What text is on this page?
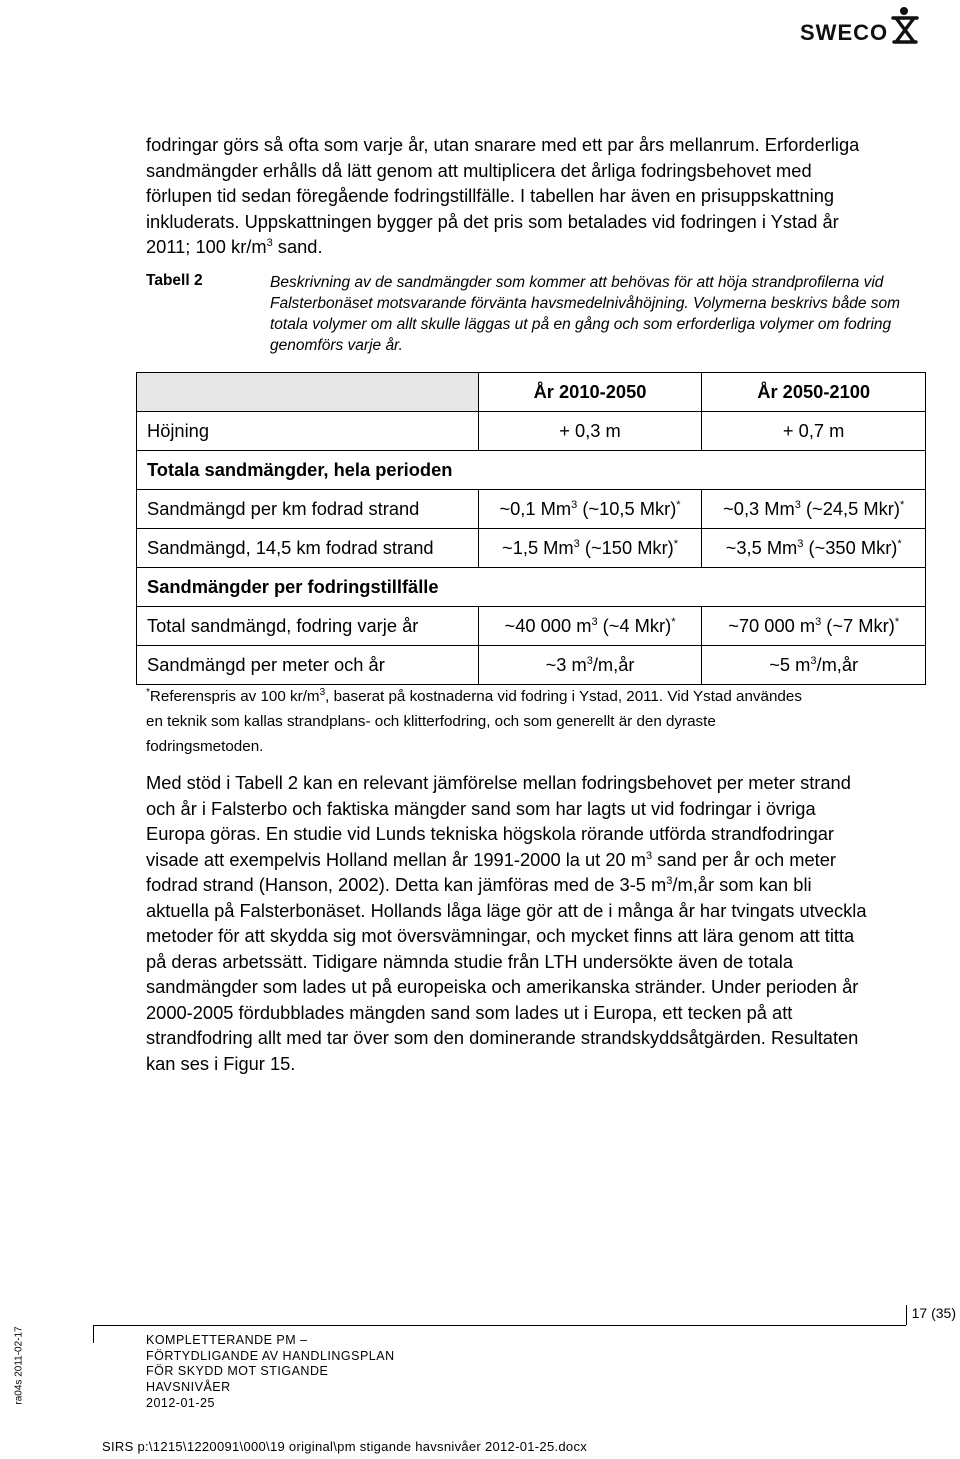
SWECO
fodringar görs så ofta som varje år, utan snarare med ett par års mellanrum. Erforderliga
sandmängder erhålls då lätt genom att multiplicera det årliga fodringsbehovet med
förlupen tid sedan föregående fodringstillfälle. I tabellen har även en prisuppskattning
inkluderats. Uppskattningen bygger på det pris som betalades vid fodringen i Ystad år
2011; 100 $kr/m^3$ sand.
Tabell 2	Beskrivning av de sandmängder som kommer att behövas för att höja strandprofilerna vid Falsterbonäset motsvarande förvänta havsmedelnivåhöjning. Volymerna beskrivs både som totala volymer om allt skulle läggas ut på en gång och som erforderliga volymer om fodring genomförs varje år.
	År 2010-2050	År 2050-2100
Höjning	+ 0,3 m	+ 0,7 m
Totala sandmängder, hela perioden		
Sandmängd per km fodrad strand	~0,1 Mm$^3$ (~10,5 Mkr)*	~0,3 Mm$^3$ (~24,5 Mkr)*
Sandmängd, 14,5 km fodrad strand	~1,5 Mm$^3$ (~150 Mkr)*	~3,5 Mm$^3$ (~350 Mkr)*
Sandmängder per fodringstillfälle		
Total sandmängd, fodring varje år	~40 000 $m^3$ (~4 Mkr)*	~70 000 $m^3$ (~7 Mkr)*
Sandmängd per meter och år	~3 $m^3/m,år$	~5 $m^3/m,år$
*Referenspris av 100 $kr/m^3$, baserat på kostnaderna vid fodring i Ystad, 2011. Vid Ystad användes
en teknik som kallas strandplans- och klitterfodring, och som generellt är den dyraste
fodringsmetoden.
Med stöd i Tabell 2 kan en relevant jämförelse mellan fodringsbehovet per meter strand
och år i Falsterbo och faktiska mängder sand som har lagts ut vid fodringar i övriga
Europa göras. En studie vid Lunds tekniska högskola rörande utförda strandfodringar
visade att exempelvis Holland mellan år 1991-2000 la ut 20 $m^3$ sand per år och meter
fodrad strand (Hanson, 2002). Detta kan jämföras med de 3-5 $m^3/m,år$ som kan bli
aktuella på Falsterbonäset. Hollands låga läge gör att de i många år har tvingats utveckla
metoder för att skydda sig mot översvämningar, och mycket finns att lära genom att titta
på deras arbetssätt. Tidigare nämnda studie från LTH undersökte även de totala
sandmängder som lades ut på europeiska och amerikanska stränder. Under perioden år
2000-2005 fördubblades mängden sand som lades ut i Europa, ett tecken på att
strandfodring allt med tar över som den dominerande strandskyddsåtgärden. Resultaten
kan ses i Figur 15.
17 (35)
ra04s 2011-02-17	KOMPLETTERANDE PM –
FÖRTYDLIGANDE AV HANDLINGSPLAN
FÖR SKYDD MOT STIGANDE
HAVSNIVÅER
2012-01-25
SIRS p:\1215\1220091\000\19 original\pm stigande havsnivåer 2012-01-25.docx
